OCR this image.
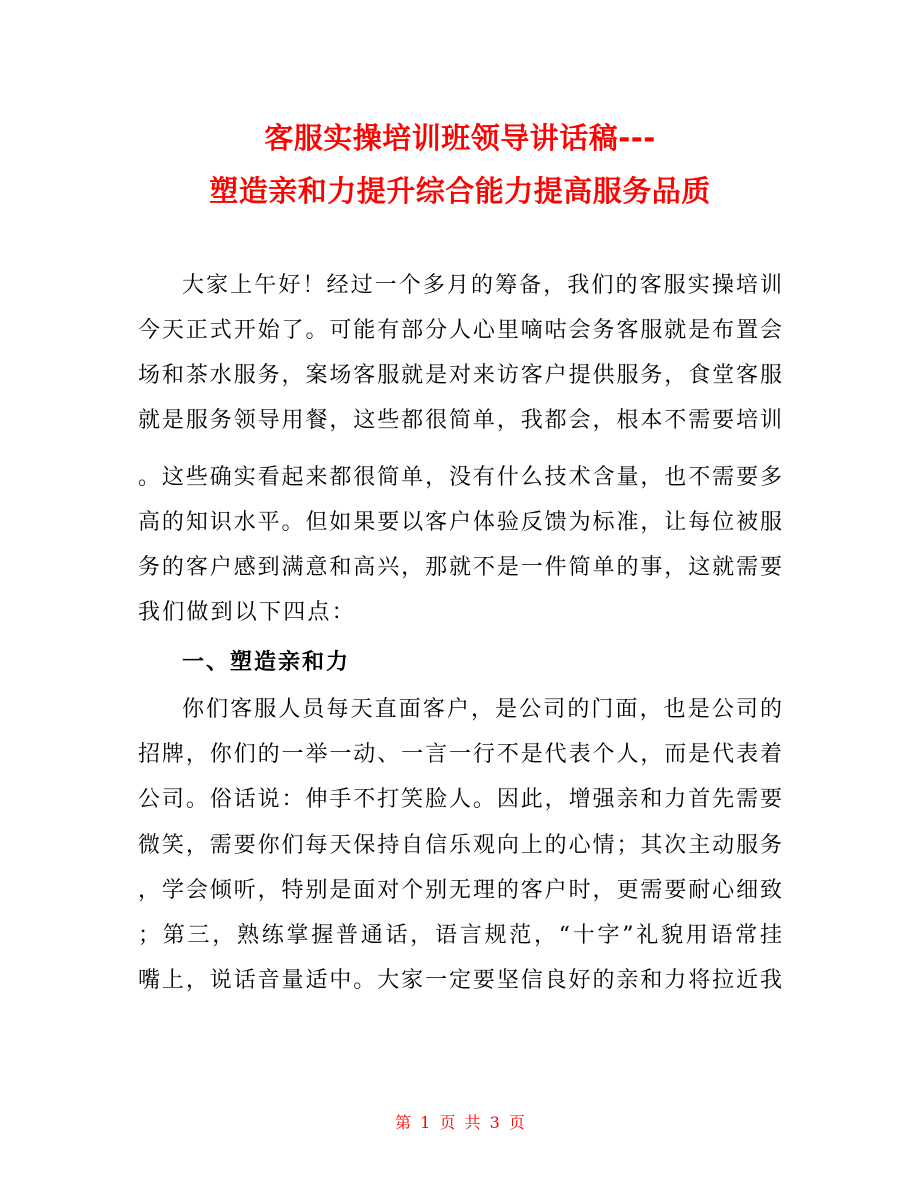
客服实操培训班领导讲话稿---
塑造亲和力提升综合能力提高服务品质
大家上午好！经过一个多月的筹备，我们的客服实操培训
今天正式开始了。可能有部分人心里嘀咕会务客服就是布置会
场和茶水服务，案场客服就是对来访客户提供服务，食堂客服
就是服务领导用餐，这些都很简单，我都会，根本不需要培训
。这些确实看起来都很简单，没有什么技术含量，也不需要多
高的知识水平。但如果要以客户体验反馈为标准，让每位被服
务的客户感到满意和高兴，那就不是一件简单的事，这就需要
我们做到以下四点：
一、塑造亲和力
你们客服人员每天直面客户，是公司的门面，也是公司的
招牌，你们的一举一动、一言一行不是代表个人，而是代表着
公司。俗话说：伸手不打笑脸人。因此，增强亲和力首先需要
微笑，需要你们每天保持自信乐观向上的心情；其次主动服务
，学会倾听，特别是面对个别无理的客户时，更需要耐心细致
；第三，熟练掌握普通话，语言规范，“十字”礼貌用语常挂
嘴上，说话音量适中。大家一定要坚信良好的亲和力将拉近我
第 1 页 共 3 页
